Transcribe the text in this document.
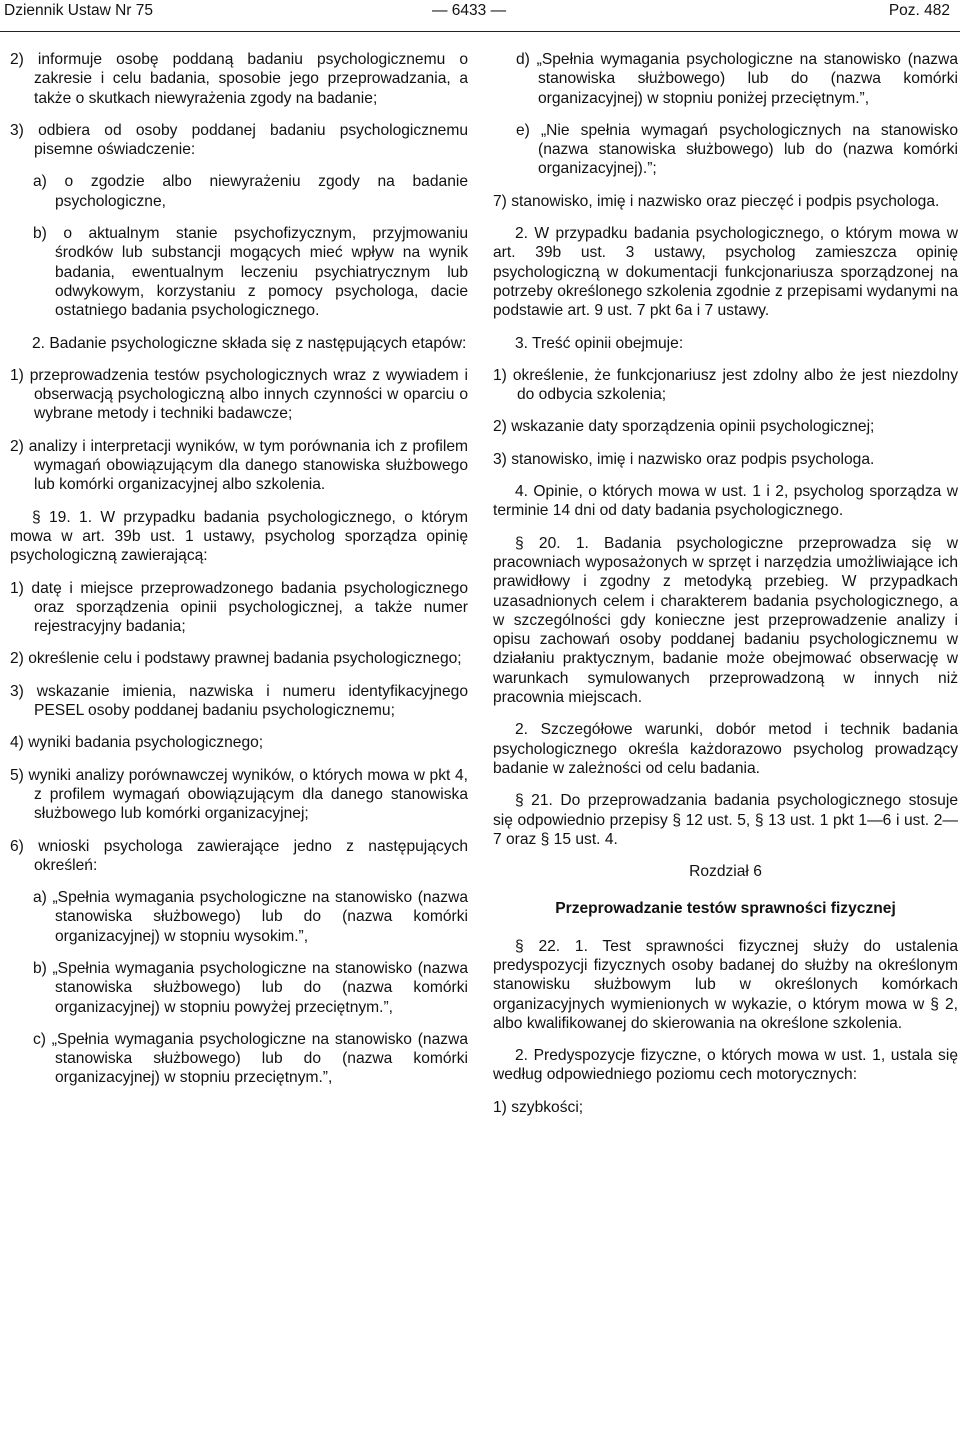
Dziennik Ustaw Nr 75	— 6433 —	Poz. 482
2) informuje osobę poddaną badaniu psychologicznemu o zakresie i celu badania, sposobie jego przeprowadzania, a także o skutkach niewyrażenia zgody na badanie;
3) odbiera od osoby poddanej badaniu psychologicznemu pisemne oświadczenie:
a) o zgodzie albo niewyrażeniu zgody na badanie psychologiczne,
b) o aktualnym stanie psychofizycznym, przyjmowaniu środków lub substancji mogących mieć wpływ na wynik badania, ewentualnym leczeniu psychiatrycznym lub odwykowym, korzystaniu z pomocy psychologa, dacie ostatniego badania psychologicznego.
2. Badanie psychologiczne składa się z następujących etapów:
1) przeprowadzenia testów psychologicznych wraz z wywiadem i obserwacją psychologiczną albo innych czynności w oparciu o wybrane metody i techniki badawcze;
2) analizy i interpretacji wyników, w tym porównania ich z profilem wymagań obowiązującym dla danego stanowiska służbowego lub komórki organizacyjnej albo szkolenia.
§ 19. 1. W przypadku badania psychologicznego, o którym mowa w art. 39b ust. 1 ustawy, psycholog sporządza opinię psychologiczną zawierającą:
1) datę i miejsce przeprowadzonego badania psychologicznego oraz sporządzenia opinii psychologicznej, a także numer rejestracyjny badania;
2) określenie celu i podstawy prawnej badania psychologicznego;
3) wskazanie imienia, nazwiska i numeru identyfikacyjnego PESEL osoby poddanej badaniu psychologicznemu;
4) wyniki badania psychologicznego;
5) wyniki analizy porównawczej wyników, o których mowa w pkt 4, z profilem wymagań obowiązującym dla danego stanowiska służbowego lub komórki organizacyjnej;
6) wnioski psychologa zawierające jedno z następujących określeń:
a) „Spełnia wymagania psychologiczne na stanowisko (nazwa stanowiska służbowego) lub do (nazwa komórki organizacyjnej) w stopniu wysokim.”,
b) „Spełnia wymagania psychologiczne na stanowisko (nazwa stanowiska służbowego) lub do (nazwa komórki organizacyjnej) w stopniu powyżej przeciętnym.”,
c) „Spełnia wymagania psychologiczne na stanowisko (nazwa stanowiska służbowego) lub do (nazwa komórki organizacyjnej) w stopniu przeciętnym.”,
d) „Spełnia wymagania psychologiczne na stanowisko (nazwa stanowiska służbowego) lub do (nazwa komórki organizacyjnej) w stopniu poniżej przeciętnym.”,
e) „Nie spełnia wymagań psychologicznych na stanowisko (nazwa stanowiska służbowego) lub do (nazwa komórki organizacyjnej).”;
7) stanowisko, imię i nazwisko oraz pieczęć i podpis psychologa.
2. W przypadku badania psychologicznego, o którym mowa w art. 39b ust. 3 ustawy, psycholog zamieszcza opinię psychologiczną w dokumentacji funkcjonariusza sporządzonej na potrzeby określonego szkolenia zgodnie z przepisami wydanymi na podstawie art. 9 ust. 7 pkt 6a i 7 ustawy.
3. Treść opinii obejmuje:
1) określenie, że funkcjonariusz jest zdolny albo że jest niezdolny do odbycia szkolenia;
2) wskazanie daty sporządzenia opinii psychologicznej;
3) stanowisko, imię i nazwisko oraz podpis psychologa.
4. Opinie, o których mowa w ust. 1 i 2, psycholog sporządza w terminie 14 dni od daty badania psychologicznego.
§ 20. 1. Badania psychologiczne przeprowadza się w pracowniach wyposażonych w sprzęt i narzędzia umożliwiające ich prawidłowy i zgodny z metodyką przebieg. W przypadkach uzasadnionych celem i charakterem badania psychologicznego, a w szczególności gdy konieczne jest przeprowadzenie analizy i opisu zachowań osoby poddanej badaniu psychologicznemu w działaniu praktycznym, badanie może obejmować obserwację w warunkach symulowanych przeprowadzoną w innych niż pracownia miejscach.
2. Szczegółowe warunki, dobór metod i technik badania psychologicznego określa każdorazowo psycholog prowadzący badanie w zależności od celu badania.
§ 21. Do przeprowadzania badania psychologicznego stosuje się odpowiednio przepisy § 12 ust. 5, § 13 ust. 1 pkt 1—6 i ust. 2—7 oraz § 15 ust. 4.
Rozdział 6
Przeprowadzanie testów sprawności fizycznej
§ 22. 1. Test sprawności fizycznej służy do ustalenia predyspozycji fizycznych osoby badanej do służby na określonym stanowisku służbowym lub w określonych komórkach organizacyjnych wymienionych w wykazie, o którym mowa w § 2, albo kwalifikowanej do skierowania na określone szkolenia.
2. Predyspozycje fizyczne, o których mowa w ust. 1, ustala się według odpowiedniego poziomu cech motorycznych:
1) szybkości;
